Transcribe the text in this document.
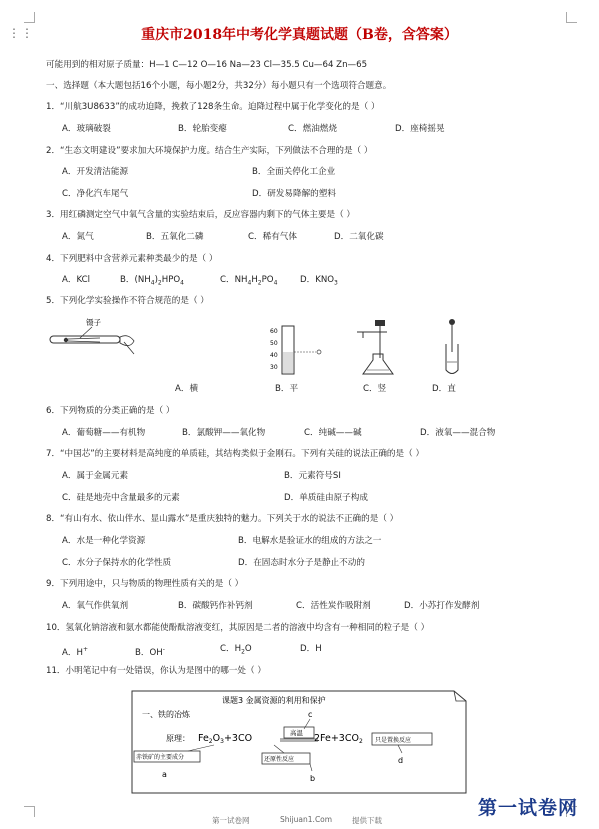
⋮⋮	重庆市2018年中考化学真题试题（B卷，含答案）
可能用到的相对原子质量：H—1 C—12 O—16 Na—23 Cl—35.5 Cu—64 Zn—65
一、选择题（本大题包括16个小题，每小题2分，共32分）每小题只有一个选项符合题意。
1．“川航3U8633”的成功迫降，挽救了128条生命。迫降过程中属于化学变化的是（ ）
A．玻璃破裂	B．轮胎变瘪	C．燃油燃烧	D．座椅摇晃
2．“生态文明建设”要求加大环境保护力度。结合生产实际，下列做法不合理的是（ ）
A．开发清洁能源	B．全面关停化工企业
C．净化汽车尾气	D．研发易降解的塑料
3．用红磷测定空气中氧气含量的实验结束后，反应容器内剩下的气体主要是（ ）
A．氮气	B．五氧化二磷	C．稀有气体	D．二氧化碳
4．下列肥料中含营养元素种类最少的是（ ）
A．KCl	B．$(NH_4)_2HPO_4$	C．$NH_4H_2PO_4$	D．$KNO_3$
5．下列化学实验操作不符合规范的是（ ）
镊子
60
50
40
30
A．横	B．平	C．竖	D．直
6．下列物质的分类正确的是（ ）
A．葡萄糖——有机物	B．氯酸钾——氧化物	C．纯碱——碱	D．液氧——混合物
7．“中国芯”的主要材料是高纯度的单质硅，其结构类似于金刚石。下列有关硅的说法正确的是（ ）
A．属于金属元素	B．元素符号SI
C．硅是地壳中含量最多的元素	D．单质硅由原子构成
8．“有山有水、依山伴水、显山露水”是重庆独特的魅力。下列关于水的说法不正确的是（ ）
A．水是一种化学资源	B．电解水是验证水的组成的方法之一
C．水分子保持水的化学性质	D．在固态时水分子是静止不动的
9．下列用途中，只与物质的物理性质有关的是（ ）
A．氧气作供氧剂	B．碳酸钙作补钙剂	C．活性炭作吸附剂	D．小苏打作发酵剂
10．氢氧化钠溶液和氨水都能使酚酞溶液变红，其原因是二者的溶液中均含有一种相同的粒子是（ ）
A．H+	B．OH-	C．$H_2O$	D．H
11．小明笔记中有一处错误，你认为是图中的哪一处（ ）
课题3 金属资源的利用和保护
一、铁的冶炼
原理： $Fe_2O_3+3CO$	高温 $2Fe+3CO_2$
c
只是置换反应
d
赤铁矿的主要成分
a
还原性反应
b
第一试卷网	Shijuan1.Com	提供下载
第一试卷网
